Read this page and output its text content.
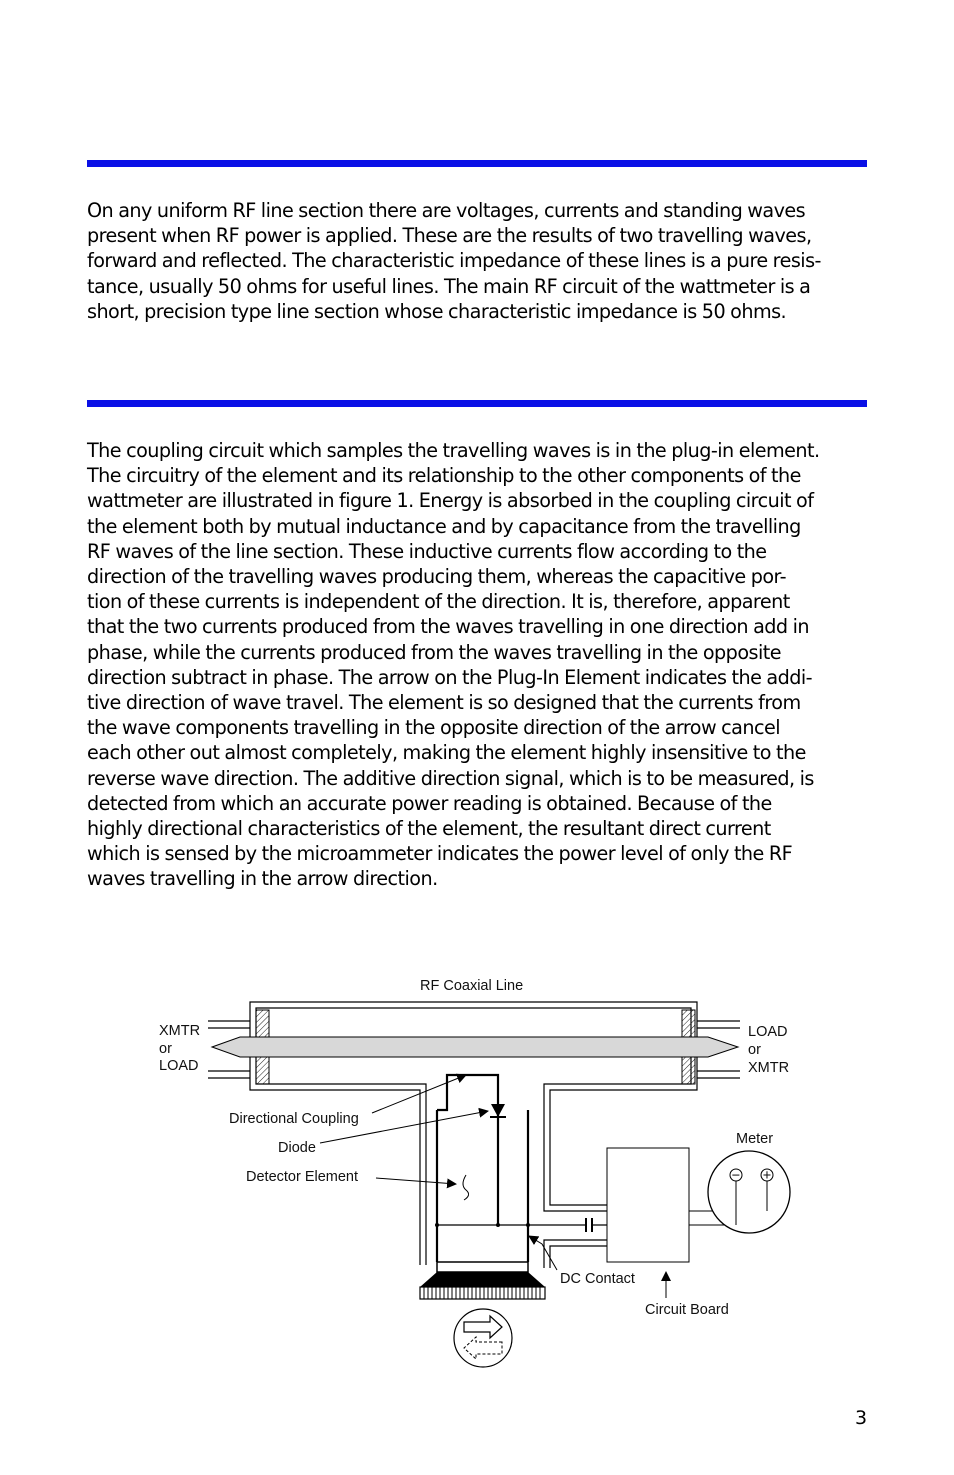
On any uniform RF line section there are voltages, currents and standing waves
present when RF power is applied. These are the results of two travelling waves,
forward and reflected. The characteristic impedance of these lines is a pure resis-
tance, usually 50 ohms for useful lines. The main RF circuit of the wattmeter is a
short, precision type line section whose characteristic impedance is 50 ohms.

The coupling circuit which samples the travelling waves is in the plug-in element.
The circuitry of the element and its relationship to the other components of the
wattmeter are illustrated in figure 1. Energy is absorbed in the coupling circuit of
the element both by mutual inductance and by capacitance from the travelling
RF waves of the line section. These inductive currents flow according to the
direction of the travelling waves producing them, whereas the capacitive por-
tion of these currents is independent of the direction. It is, therefore, apparent
that the two currents produced from the waves travelling in one direction add in
phase, while the currents produced from the waves travelling in the opposite
direction subtract in phase. The arrow on the Plug-In Element indicates the addi-
tive direction of wave travel. The element is so designed that the currents from
the wave components travelling in the opposite direction of the arrow cancel
each other out almost completely, making the element highly insensitive to the
reverse wave direction. The additive direction signal, which is to be measured, is
detected from which an accurate power reading is obtained. Because of the
highly directional characteristics of the element, the resultant direct current
which is sensed by the microammeter indicates the power level of only the RF
waves travelling in the arrow direction.

− +
RF Coaxial Line
XMTR
or
LOAD
LOAD
or
XMTR
Directional Coupling
Diode
Detector Element
Meter
DC Contact
Circuit Board
3
